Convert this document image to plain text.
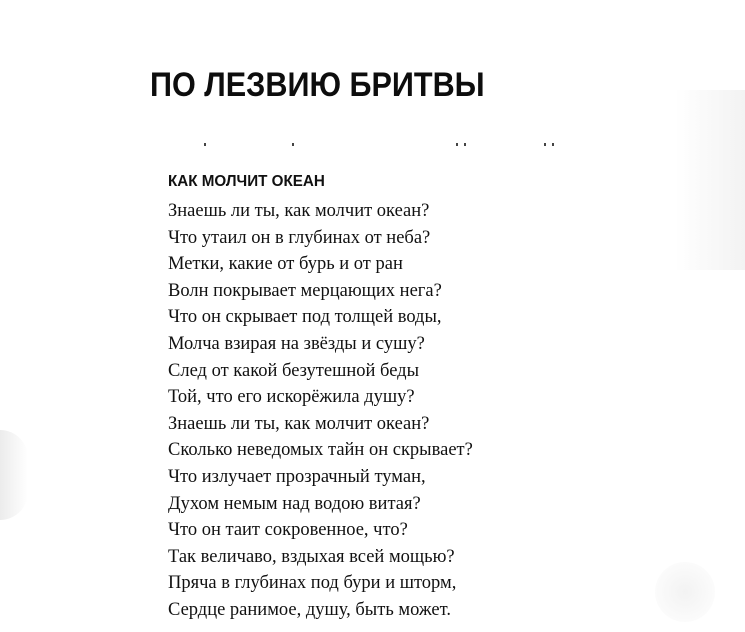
ПО ЛЕЗВИЮ БРИТВЫ
КАК МОЛЧИТ ОКЕАН
Знаешь ли ты, как молчит океан?
Что утаил он в глубинах от неба?
Метки, какие от бурь и от ран
Волн покрывает мерцающих нега?
Что он скрывает под толщей воды,
Молча взирая на звёзды и сушу?
След от какой безутешной беды
Той, что его искорёжила душу?
Знаешь ли ты, как молчит океан?
Сколько неведомых тайн он скрывает?
Что излучает прозрачный туман,
Духом немым над водою витая?
Что он таит сокровенное, что?
Так величаво, вздыхая всей мощью?
Пряча в глубинах под бури и шторм,
Сердце ранимое, душу, быть может.
